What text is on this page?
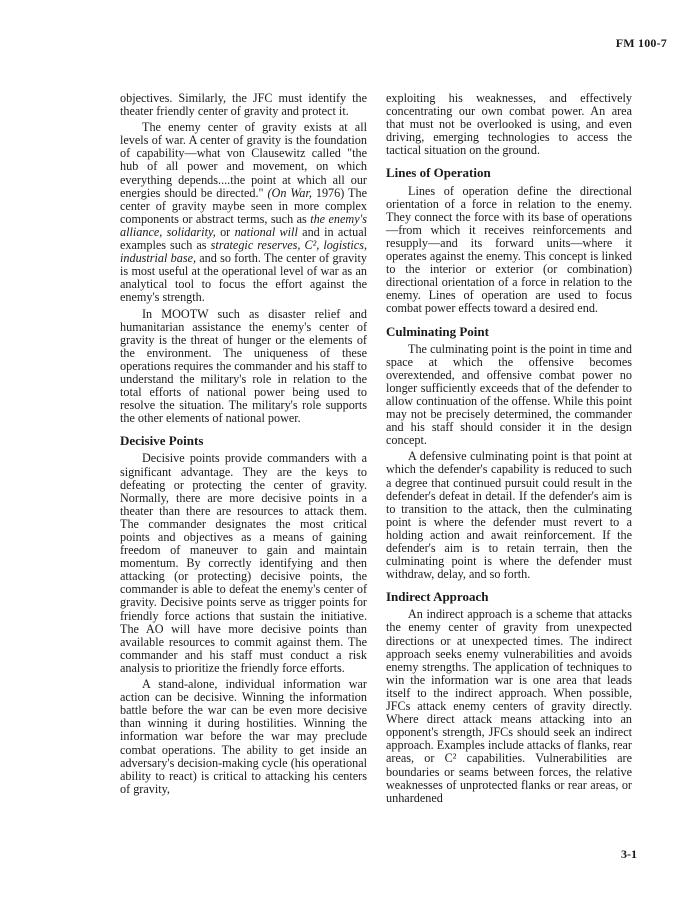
FM 100-7

objectives. Similarly, the JFC must identify the theater friendly center of gravity and protect it.

The enemy center of gravity exists at all levels of war. A center of gravity is the foundation of capability—what von Clausewitz called "the hub of all power and movement, on which everything depends....the point at which all our energies should be directed." (On War, 1976) The center of gravity maybe seen in more complex components or abstract terms, such as the enemy's alliance, solidarity, or national will and in actual examples such as strategic reserves, C², logistics, industrial base, and so forth. The center of gravity is most useful at the operational level of war as an analytical tool to focus the effort against the enemy's strength.

In MOOTW such as disaster relief and humanitarian assistance the enemy's center of gravity is the threat of hunger or the elements of the environment. The uniqueness of these operations requires the commander and his staff to understand the military's role in relation to the total efforts of national power being used to resolve the situation. The military's role supports the other elements of national power.

Decisive Points

Decisive points provide commanders with a significant advantage. They are the keys to defeating or protecting the center of gravity. Normally, there are more decisive points in a theater than there are resources to attack them. The commander designates the most critical points and objectives as a means of gaining freedom of maneuver to gain and maintain momentum. By correctly identifying and then attacking (or protecting) decisive points, the commander is able to defeat the enemy's center of gravity. Decisive points serve as trigger points for friendly force actions that sustain the initiative. The AO will have more decisive points than available resources to commit against them. The commander and his staff must conduct a risk analysis to prioritize the friendly force efforts.

A stand-alone, individual information war action can be decisive. Winning the information battle before the war can be even more decisive than winning it during hostilities. Winning the information war before the war may preclude combat operations. The ability to get inside an adversary's decision-making cycle (his operational ability to react) is critical to attacking his centers of gravity,

exploiting his weaknesses, and effectively concentrating our own combat power. An area that must not be overlooked is using, and even driving, emerging technologies to access the tactical situation on the ground.

Lines of Operation

Lines of operation define the directional orientation of a force in relation to the enemy. They connect the force with its base of operations—from which it receives reinforcements and resupply—and its forward units—where it operates against the enemy. This concept is linked to the interior or exterior (or combination) directional orientation of a force in relation to the enemy. Lines of operation are used to focus combat power effects toward a desired end.

Culminating Point

The culminating point is the point in time and space at which the offensive becomes overextended, and offensive combat power no longer sufficiently exceeds that of the defender to allow continuation of the offense. While this point may not be precisely determined, the commander and his staff should consider it in the design concept.

A defensive culminating point is that point at which the defender's capability is reduced to such a degree that continued pursuit could result in the defender's defeat in detail. If the defender's aim is to transition to the attack, then the culminating point is where the defender must revert to a holding action and await reinforcement. If the defender's aim is to retain terrain, then the culminating point is where the defender must withdraw, delay, and so forth.

Indirect Approach

An indirect approach is a scheme that attacks the enemy center of gravity from unexpected directions or at unexpected times. The indirect approach seeks enemy vulnerabilities and avoids enemy strengths. The application of techniques to win the information war is one area that leads itself to the indirect approach. When possible, JFCs attack enemy centers of gravity directly. Where direct attack means attacking into an opponent's strength, JFCs should seek an indirect approach. Examples include attacks of flanks, rear areas, or C² capabilities. Vulnerabilities are boundaries or seams between forces, the relative weaknesses of unprotected flanks or rear areas, or unhardened

3-1
